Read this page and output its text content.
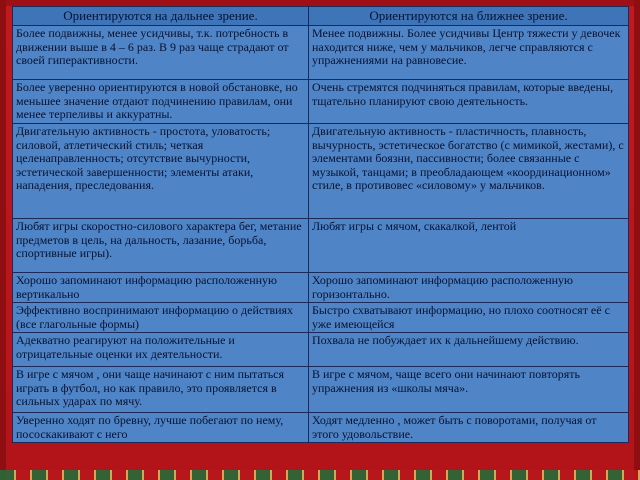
Ориентируются на дальнее зрение.	Ориентируются на ближнее зрение.
Более подвижны, менее усидчивы, т.к. потребность в движении выше в 4 – 6 раз. В 9 раз чаще страдают от своей гиперактивности.	Менее подвижны. Более усидчивы Центр тяжести у девочек находится ниже, чем у мальчиков, легче справляются с упражнениями на равновесие.
Более уверенно ориентируются в новой обстановке, но меньшее значение отдают подчинению правилам, они менее терпеливы и аккуратны.	Очень стремятся подчиняться правилам, которые введены, тщательно планируют свою деятельность.
Двигательную активность - простота, уловатость; силовой, атлетический стиль; четкая целенаправленность; отсутствие вычурности, эстетической завершенности; элементы атаки, нападения, преследования.	Двигательную активность - пластичность, плавность, вычурность, эстетическое богатство (с мимикой, жестами), с элементами боязни, пассивности; более связанные с музыкой, танцами; в преобладающем «координационном» стиле, в противовес «силовому» у мальчиков.
Любят игры скоростно-силового характера бег, метание предметов в цель, на дальность, лазание, борьба, спортивные игры).	Любят игры с мячом, скакалкой, лентой
Хорошо запоминают информацию расположенную вертикально	Хорошо запоминают информацию расположенную горизонтально.
Эффективно воспринимают информацию о действиях (все глагольные формы)	Быстро схватывают информацию, но плохо соотносят её с уже имеющейся
Адекватно реагируют на положительные и отрицательные оценки их деятельности.	Похвала не побуждает их к дальнейшему действию.
В игре с мячом , они чаще начинают с ним пытаться играть в футбол, но как правило, это проявляется в сильных ударах по мячу.	В игре с мячом, чаще всего они начинают повторять упражнения из «школы мяча».
Уверенно ходят по бревну, лучше побегают по нему, пососкакивают с него	Ходят медленно , может быть с поворотами, получая от этого удовольствие.
